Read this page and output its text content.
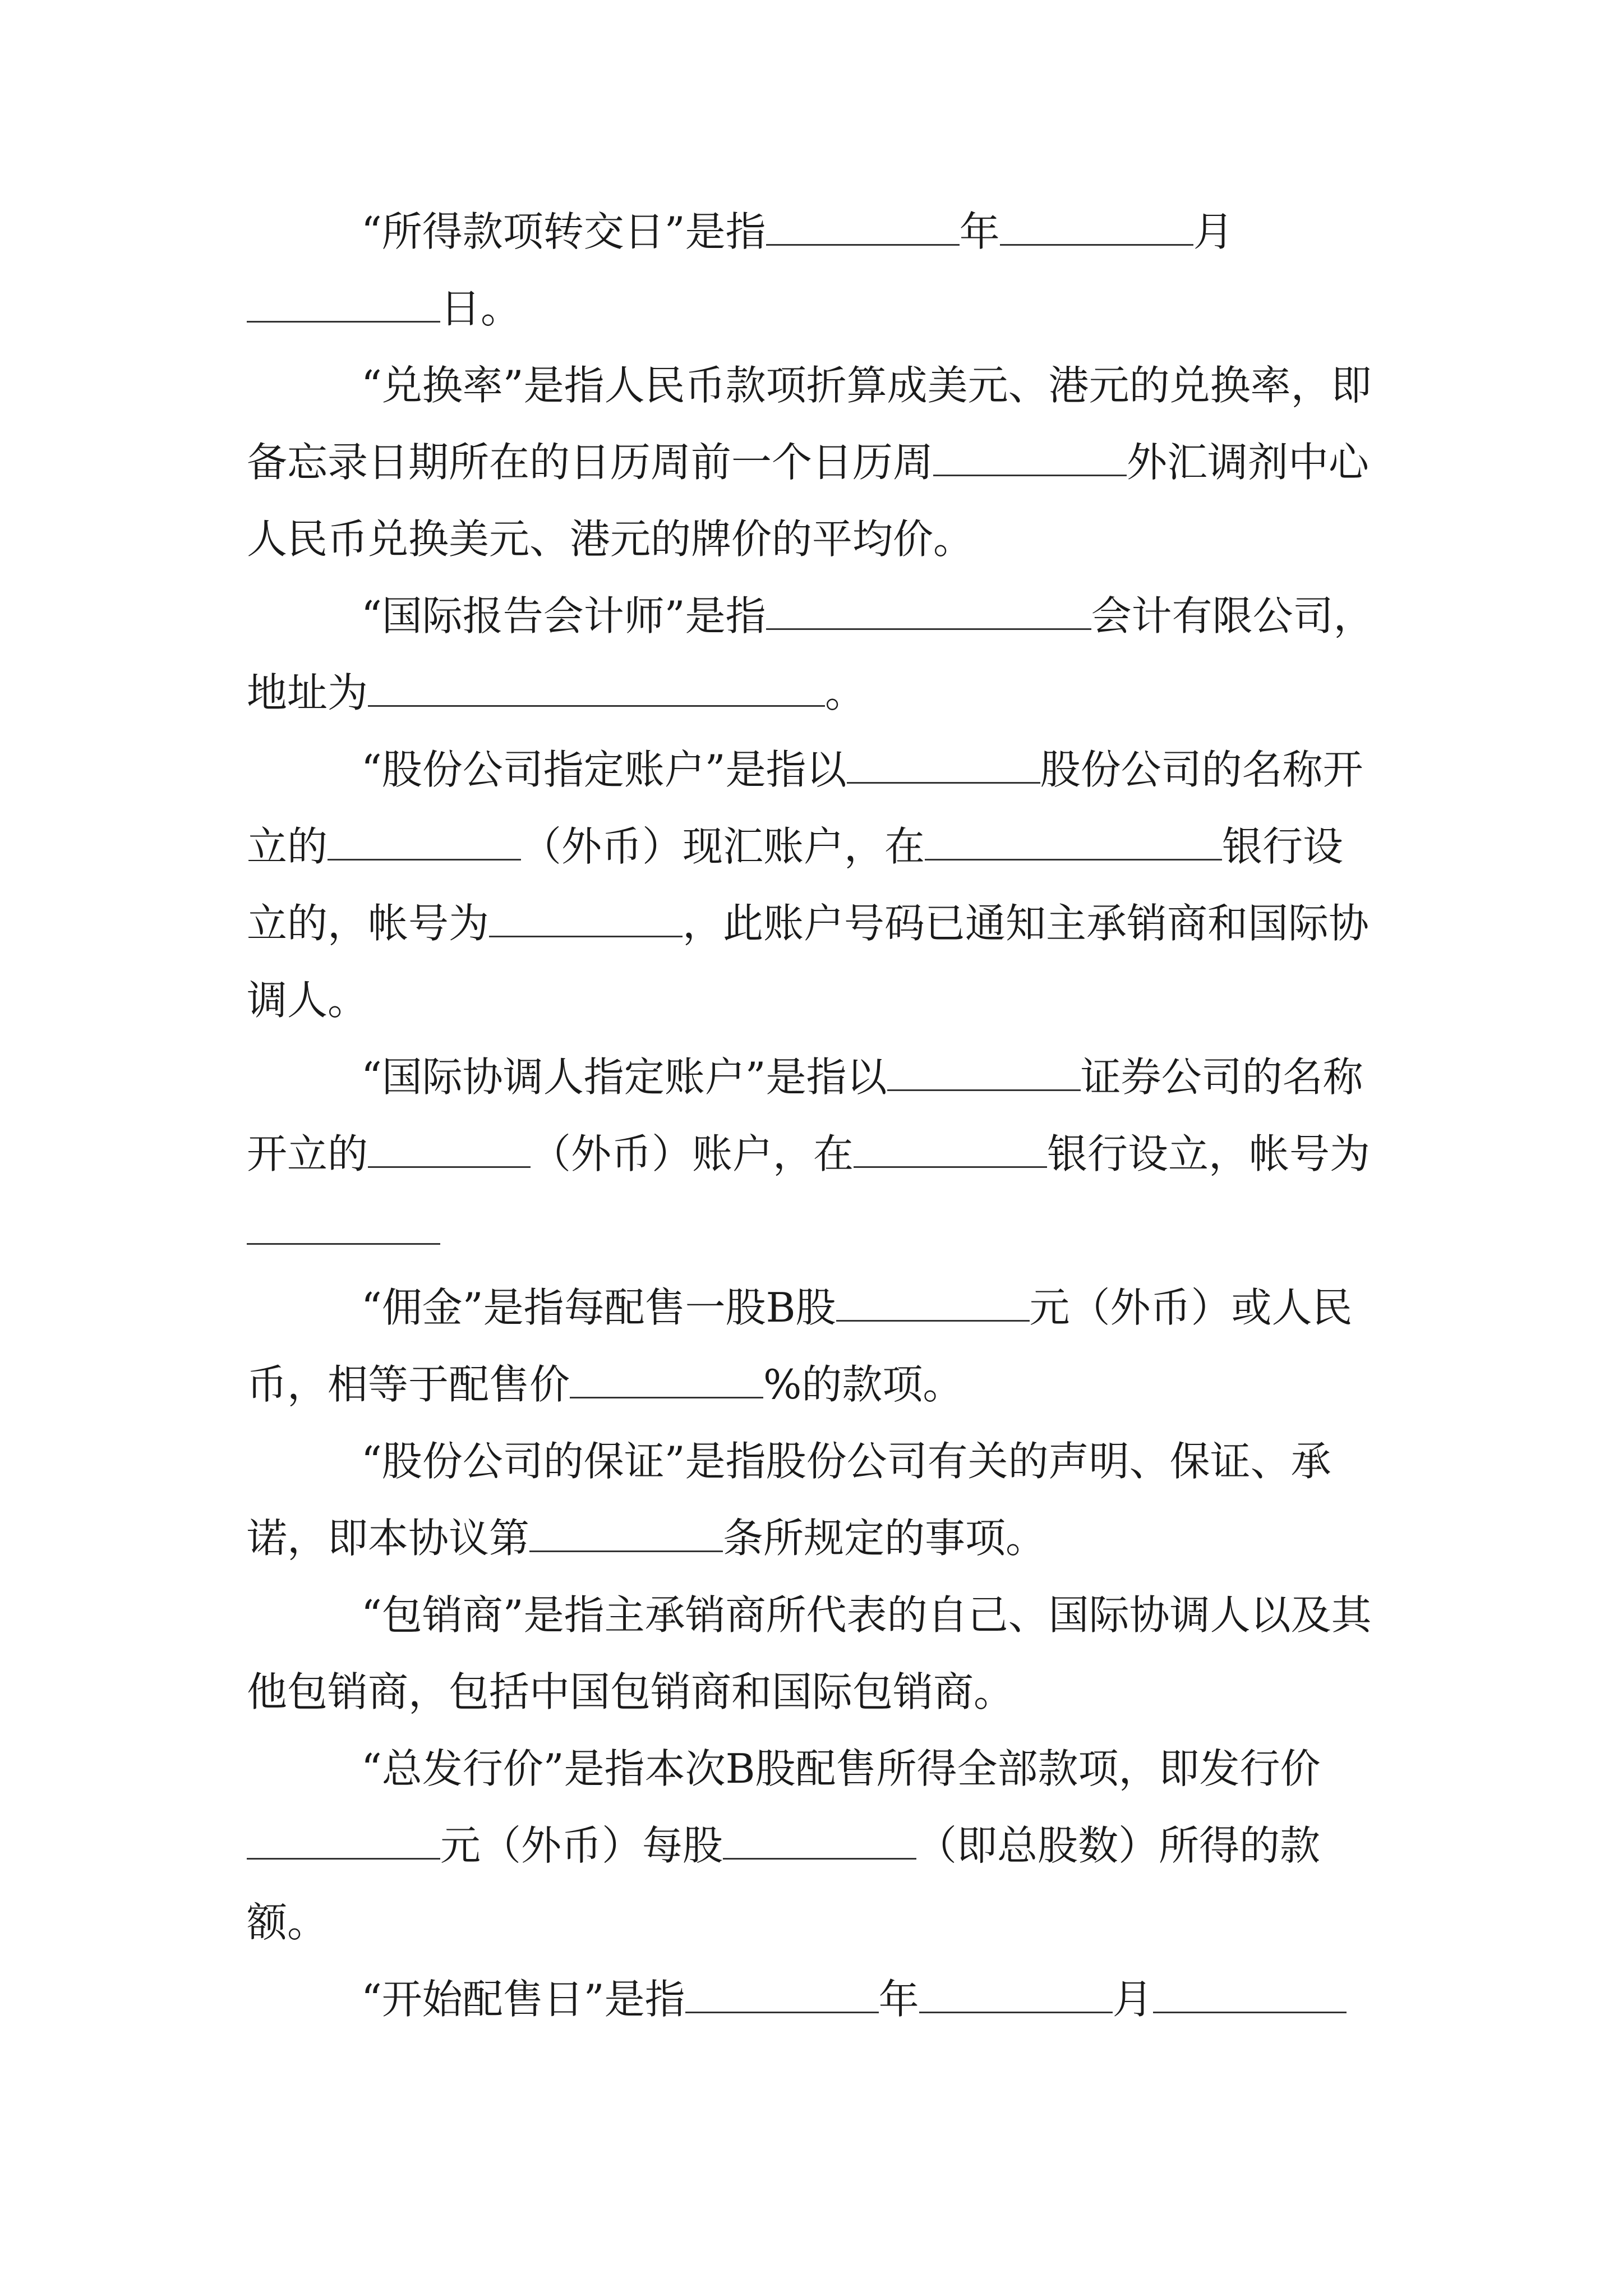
“所得款项转交日”是指	年	月日。

“兑换率”是指人民币款项折算成美元、港元的兑换率，即备忘录日期所在的日历周前一个日历周	外汇调剂中心人民币兑换美元、港元的牌价的平均价。

“国际报告会计师”是指	会计有限公司，地址为	。

“股份公司指定账户”是指以	股份公司的名称开立的	（外币）现汇账户，在	银行设立的，帐号为	，此账户号码已通知主承销商和国际协调人。

“国际协调人指定账户”是指以	证券公司的名称开立的	（外币）账户，在	银行设立，帐号为

“佣金”是指每配售一股B股	元（外币）或人民币，相等于配售价	%的款项。

“股份公司的保证”是指股份公司有关的声明、保证、承诺，即本协议第	条所规定的事项。

“包销商”是指主承销商所代表的自己、国际协调人以及其他包销商，包括中国包销商和国际包销商。

“总发行价”是指本次B股配售所得全部款项，即发行价元（外币）每股	（即总股数）所得的款额。

“开始配售日”是指	年	月
